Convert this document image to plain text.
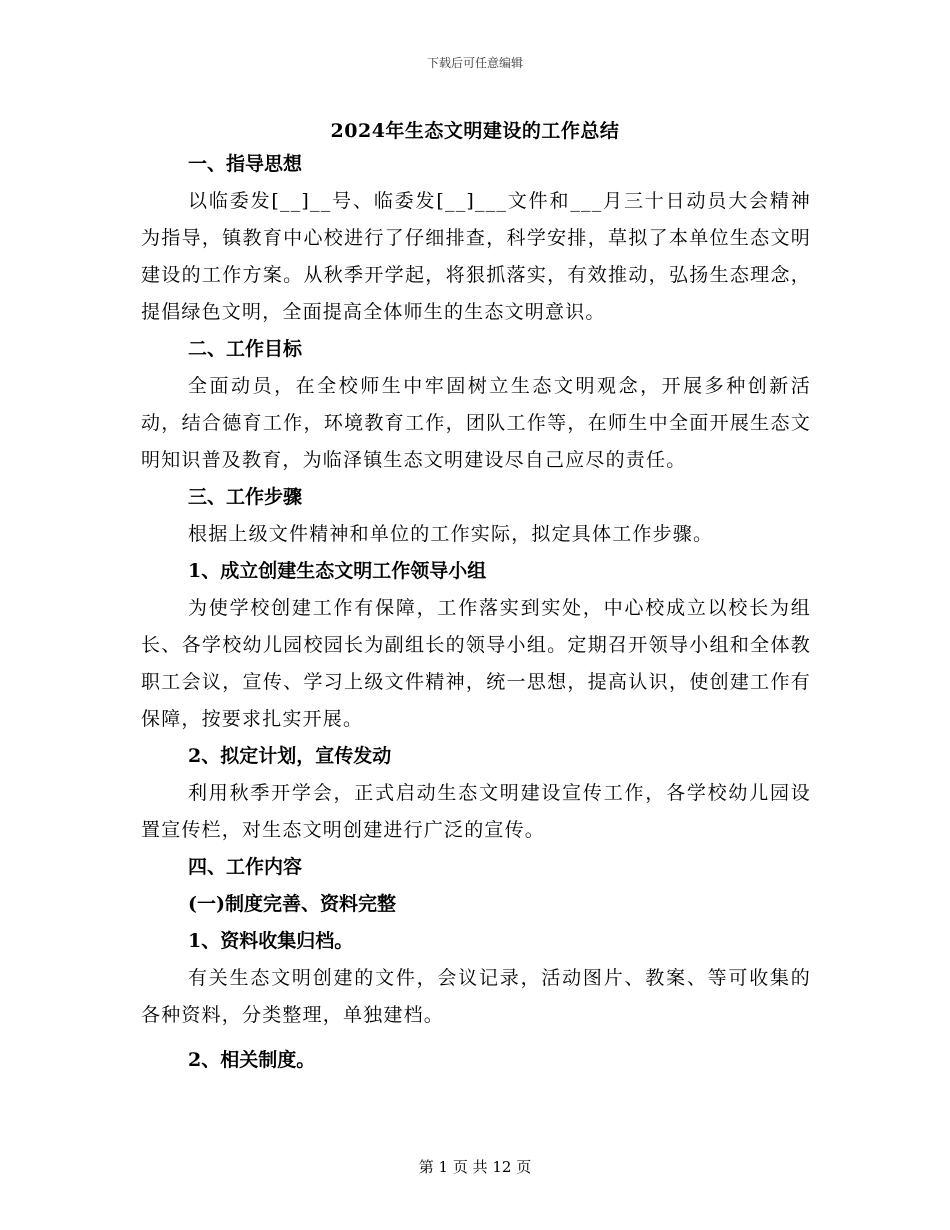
下载后可任意编辑
2024年生态文明建设的工作总结

一、指导思想

以临委发[__]__号、临委发[__]___文件和___月三十日动员大会精神为指导，镇教育中心校进行了仔细排查，科学安排，草拟了本单位生态文明建设的工作方案。从秋季开学起，将狠抓落实，有效推动，弘扬生态理念，提倡绿色文明，全面提高全体师生的生态文明意识。

二、工作目标

全面动员，在全校师生中牢固树立生态文明观念，开展多种创新活动，结合德育工作，环境教育工作，团队工作等，在师生中全面开展生态文明知识普及教育，为临泽镇生态文明建设尽自己应尽的责任。

三、工作步骤

根据上级文件精神和单位的工作实际，拟定具体工作步骤。

1、成立创建生态文明工作领导小组

为使学校创建工作有保障，工作落实到实处，中心校成立以校长为组长、各学校幼儿园校园长为副组长的领导小组。定期召开领导小组和全体教职工会议，宣传、学习上级文件精神，统一思想，提高认识，使创建工作有保障，按要求扎实开展。

2、拟定计划，宣传发动

利用秋季开学会，正式启动生态文明建设宣传工作，各学校幼儿园设置宣传栏，对生态文明创建进行广泛的宣传。

四、工作内容

(一)制度完善、资料完整

1、资料收集归档。

有关生态文明创建的文件，会议记录，活动图片、教案、等可收集的各种资料，分类整理，单独建档。

2、相关制度。

第 1 页 共 12 页
